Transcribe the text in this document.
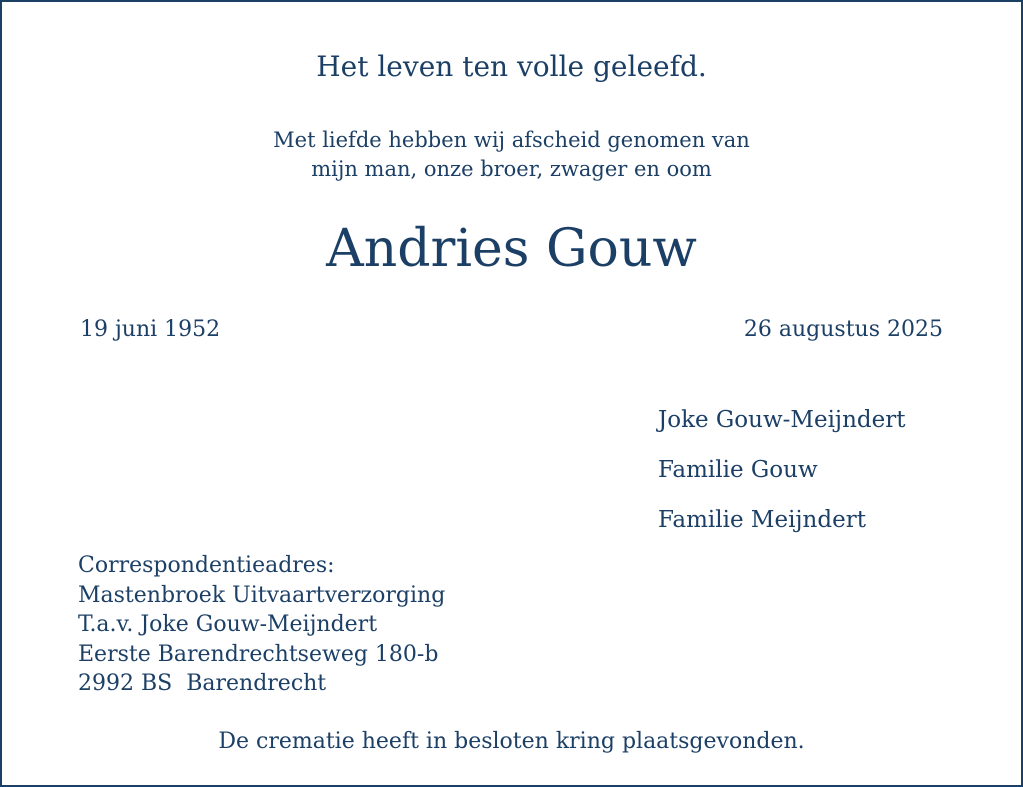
Het leven ten volle geleefd.
Met liefde hebben wij afscheid genomen van
mijn man, onze broer, zwager en oom
Andries Gouw
19 juni 1952	26 augustus 2025
Joke Gouw-Meijndert
Familie Gouw
Familie Meijndert
Correspondentieadres:
Mastenbroek Uitvaartverzorging
T.a.v. Joke Gouw-Meijndert
Eerste Barendrechtseweg 180-b
2992 BS  Barendrecht
De crematie heeft in besloten kring plaatsgevonden.
